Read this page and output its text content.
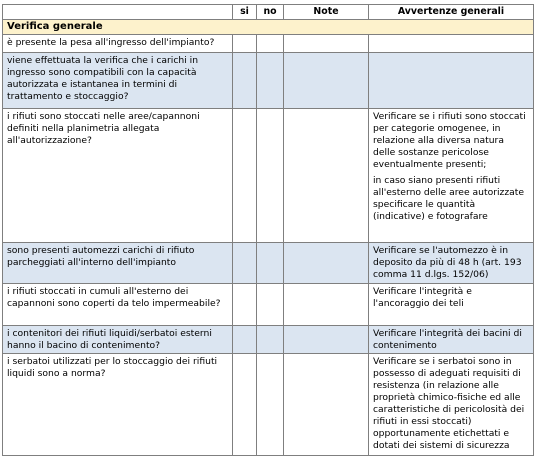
	si	no	Note	Avvertenze generali
Verifica generale				
è presente la pesa all'ingresso dell'impianto?				
viene effettuata la verifica che i carichi in ingresso sono compatibili con la capacità autorizzata e istantanea in termini di trattamento e stoccaggio?				
i rifiuti sono stoccati nelle aree/capannoni definiti nella planimetria allegata all'autorizzazione?				Verificare se i rifiuti sono stoccati per categorie omogenee, in relazione alla diversa natura delle sostanze pericolose eventualmente presenti;

in caso siano presenti rifiuti all'esterno delle aree autorizzate specificare le quantità (indicative) e fotografare

sono presenti automezzi carichi di rifiuto parcheggiati all'interno dell'impianto				Verificare se l'automezzo è in deposito da più di 48 h (art. 193 comma 11 d.lgs. 152/06)

i rifiuti stoccati in cumuli all'esterno dei capannoni sono coperti da telo impermeabile?				Verificare l'integrità e l'ancoraggio dei teli

i contenitori dei rifiuti liquidi/serbatoi esterni hanno il bacino di contenimento?				Verificare l'integrità dei bacini di contenimento

i serbatoi utilizzati per lo stoccaggio dei rifiuti liquidi sono a norma?				Verificare se i serbatoi sono in possesso di adeguati requisiti di resistenza (in relazione alle proprietà chimico-fisiche ed alle caratteristiche di pericolosità dei rifiuti in essi stoccati) opportunamente etichettati e dotati dei sistemi di sicurezza
